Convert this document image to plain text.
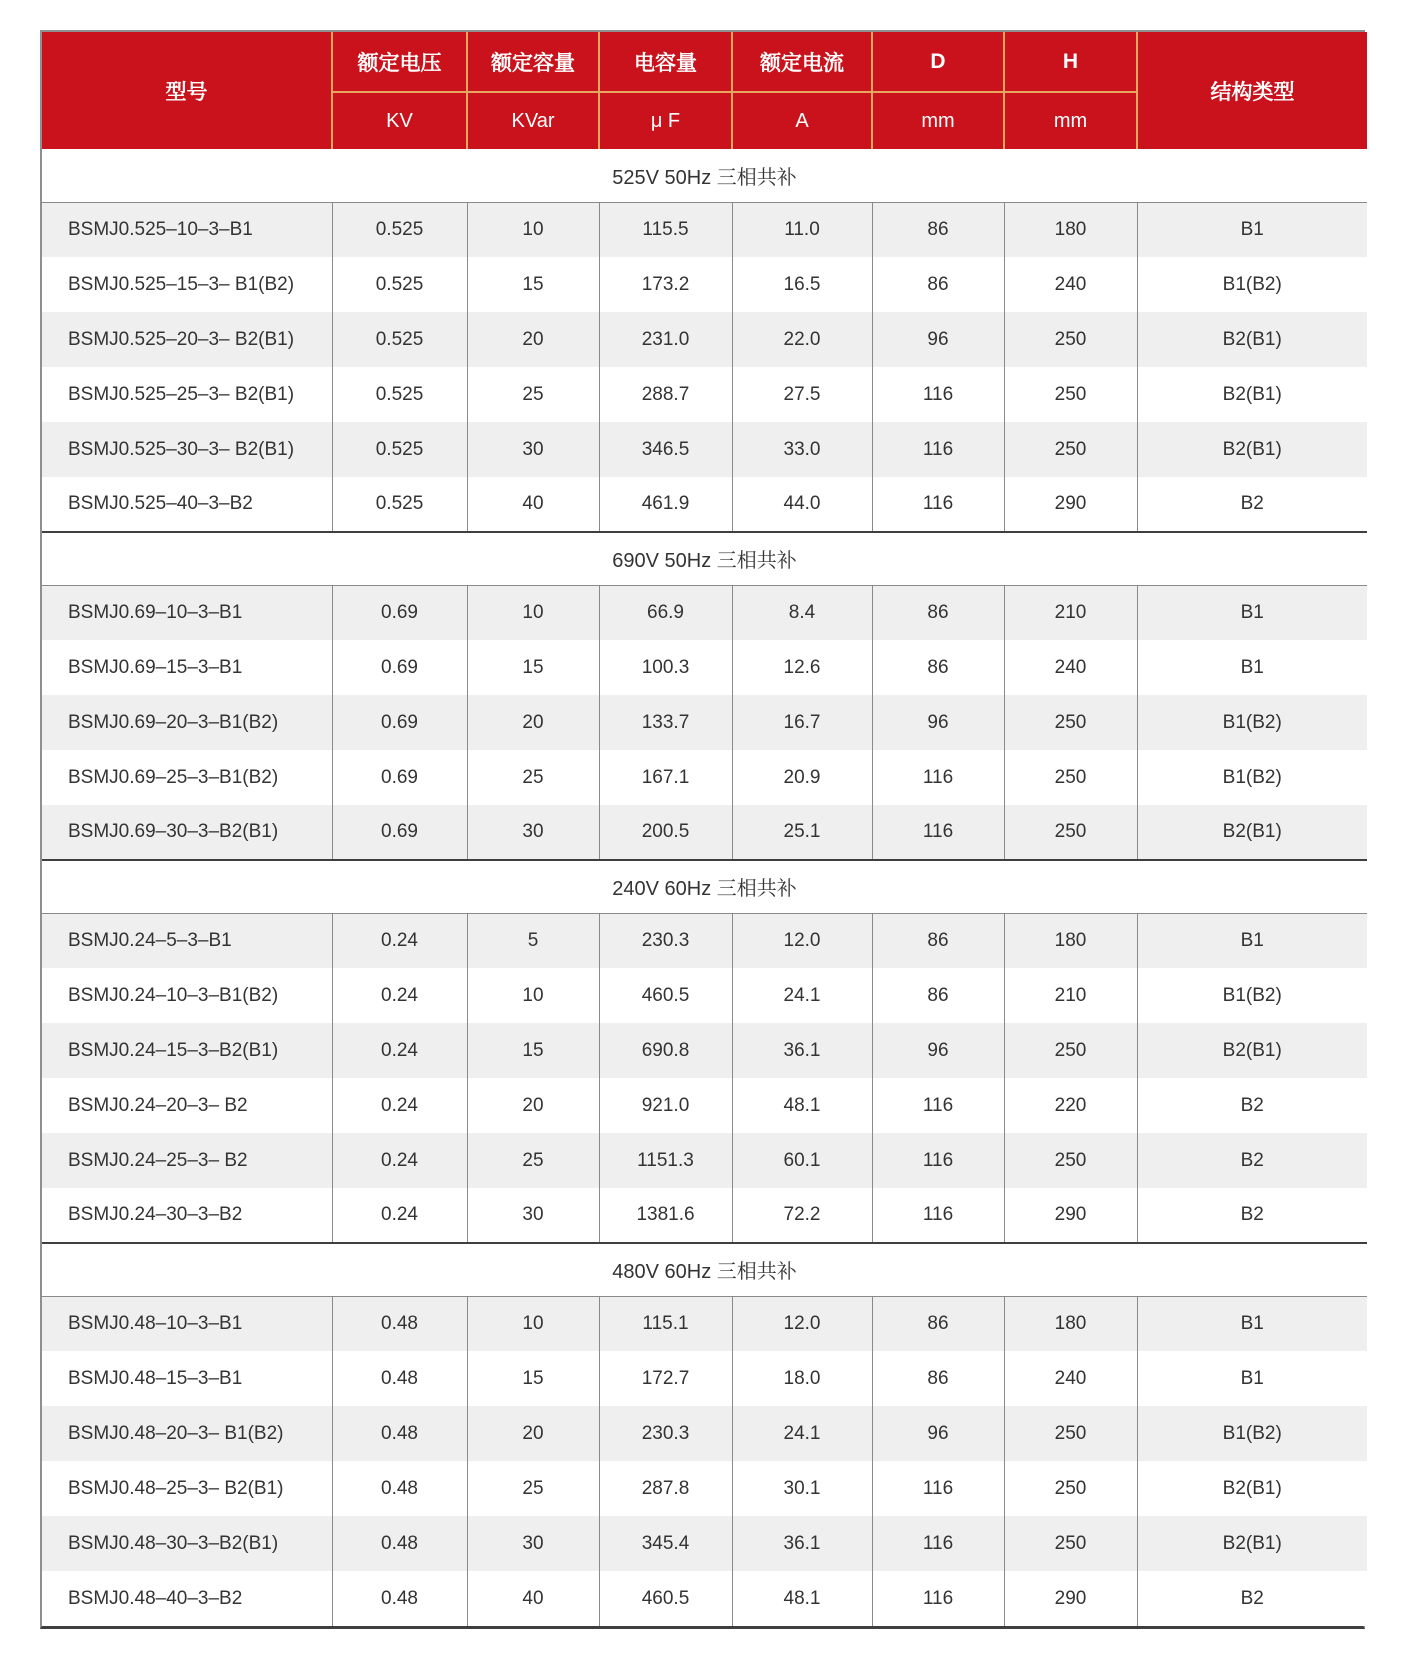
型号	额定电压	额定容量	电容量	额定电流	D	H	结构类型
	KV	KVar	μ F	A	mm	mm	
525V 50Hz 三相共补							
BSMJ0.525–10–3–B1	0.525	10	115.5	11.0	86	180	B1
BSMJ0.525–15–3– B1(B2)	0.525	15	173.2	16.5	86	240	B1(B2)
BSMJ0.525–20–3– B2(B1)	0.525	20	231.0	22.0	96	250	B2(B1)
BSMJ0.525–25–3– B2(B1)	0.525	25	288.7	27.5	116	250	B2(B1)
BSMJ0.525–30–3– B2(B1)	0.525	30	346.5	33.0	116	250	B2(B1)
BSMJ0.525–40–3–B2	0.525	40	461.9	44.0	116	290	B2
690V 50Hz 三相共补							
BSMJ0.69–10–3–B1	0.69	10	66.9	8.4	86	210	B1
BSMJ0.69–15–3–B1	0.69	15	100.3	12.6	86	240	B1
BSMJ0.69–20–3–B1(B2)	0.69	20	133.7	16.7	96	250	B1(B2)
BSMJ0.69–25–3–B1(B2)	0.69	25	167.1	20.9	116	250	B1(B2)
BSMJ0.69–30–3–B2(B1)	0.69	30	200.5	25.1	116	250	B2(B1)
240V 60Hz 三相共补							
BSMJ0.24–5–3–B1	0.24	5	230.3	12.0	86	180	B1
BSMJ0.24–10–3–B1(B2)	0.24	10	460.5	24.1	86	210	B1(B2)
BSMJ0.24–15–3–B2(B1)	0.24	15	690.8	36.1	96	250	B2(B1)
BSMJ0.24–20–3– B2	0.24	20	921.0	48.1	116	220	B2
BSMJ0.24–25–3– B2	0.24	25	1151.3	60.1	116	250	B2
BSMJ0.24–30–3–B2	0.24	30	1381.6	72.2	116	290	B2
480V 60Hz 三相共补							
BSMJ0.48–10–3–B1	0.48	10	115.1	12.0	86	180	B1
BSMJ0.48–15–3–B1	0.48	15	172.7	18.0	86	240	B1
BSMJ0.48–20–3– B1(B2)	0.48	20	230.3	24.1	96	250	B1(B2)
BSMJ0.48–25–3– B2(B1)	0.48	25	287.8	30.1	116	250	B2(B1)
BSMJ0.48–30–3–B2(B1)	0.48	30	345.4	36.1	116	250	B2(B1)
BSMJ0.48–40–3–B2	0.48	40	460.5	48.1	116	290	B2
